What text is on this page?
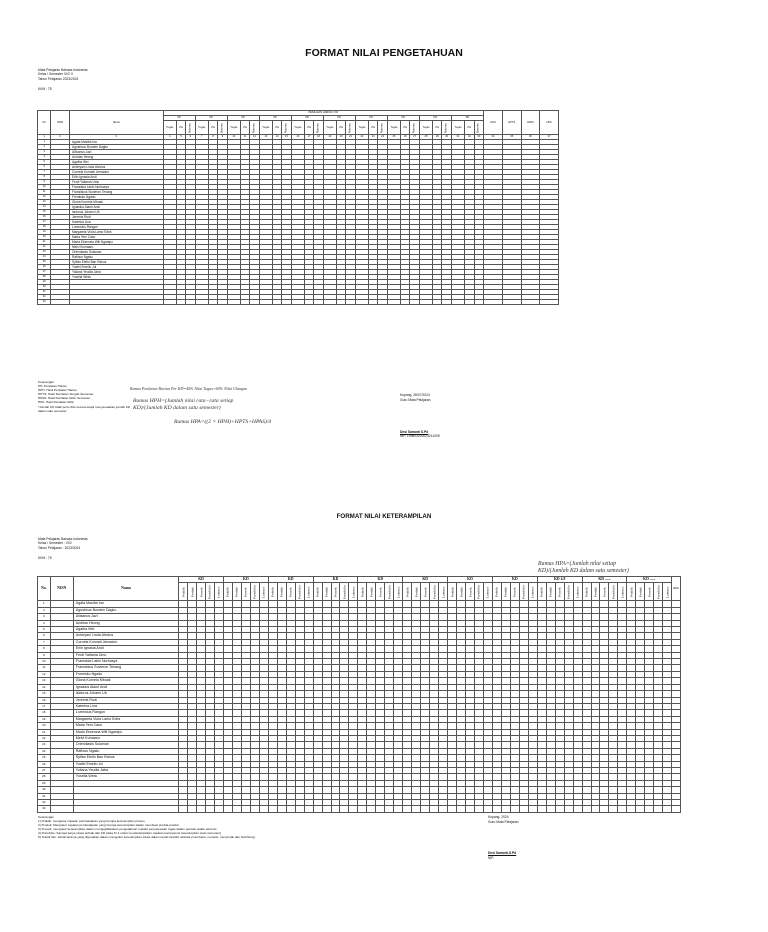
FORMAT NILAI PENGETAHUAN
Mata Pelajaran Bahasa Indonesia
Kelas / Semester VI/2 II
Tahun Pelajaran 2023/2024
KKM : 75
No	NISN	Nama	PENILAIAN HARIAN / KD																														HPH	HPTS	HPAS	HPA
			KD			KD			KD			KD			KD			KD			KD			KD			KD			KD						
			Tugas	PH	Rata-rata	Tugas	PH	Rata-rata	Tugas	PH	Rata-rata	Tugas	PH	Rata-rata	Tugas	PH	Rata-rata	Tugas	PH	Rata-rata	Tugas	PH	Rata-rata	Tugas	PH	Rata-rata	Tugas	PH	Rata-rata	Tugas	PH	Rata-rata				
1	2	3	4	5	6	7	8	9	10	11	12	13	14	15	16	17	18	19	20	21	22	23	24	25	26	27	28	29	30	31	32	33	34	35	36	37
1		Agata Maslita Ina																																		
2		Agustinus Bonden Dagko																																		
3		Aliisanus Jazi																																		
4		Andrias Heong																																		
5		Agatha Wei																																		
6		Anteryani Linda Alexius																																		
7		Cornela Kurniati Jemadun																																		
8		Erlin Ignasia Andi																																		
9		Ferdi Yaltama Umu																																		
10		Fransiska Lakin Nurhasya																																		
11		Fransiskus Suvieron Tenang																																		
12		Fremisko Ngadu																																		
13		Gloria Kurnela Mbuak																																		
14		Ignasius Alauri Andi																																		
15		Isidurus Johann Ub																																		
16		Jeremis Rudi																																		
17		Katerina Lina																																		
18		Lorensius Rangun																																		
19		Margareta Viola Lamo Edes																																		
20		Maria Yeni Caso																																		
21		Maria Eksenzia Witi Ngantpu																																		
22		Melvi Kumaaru																																		
23		Orlendiasis Sulaman																																		
24		Raflous Ngaku																																		
25		Sylfan Etello Ban Rahus																																		
26		Yosfel Emello Jul																																		
27		Yoliana Yeudia Jaba																																		
28		Yuselia Weta																																		
29																																				
30																																				
31																																				
32																																				
33																																				
Keterangan
PH: Penilaian Harian
HPH: Hasil Penilaian Harian
HPTS: Hasil Penilaian Tengah Semester
HPAS: Hasil Penilaian Akhir Semester
HPA: Hasil Penilaian Akhir
*Jumlah KD tidak perlu diisi semua tetapi menyesuaikan jumlah KD
dalam satu semester
Rumus Penilaian Harian Per KD=40% Nilai Tugas+60% Nilai Ulangan
Rumus HPH=(Jumlah nilai rata−rata setiap
KD)/(Jumlah KD dalam satu semester)
Rumus HPA=((2 × HPH)+HPTS+HPAS)/4
Kupang, 28/07/2024
Guru Mata Pelajaran
Desi Sarianti S.Pd
NIP. 199603202023211009
FORMAT NILAI KETERAMPILAN
Mata Pelajaran Bahasa Indonesia
Kelas / Semester : VI/2
Tahun Pelajaran : 2023/2024
KKM : 75
Rumus HPA=(Jumlah nilai setiap
KD)/(Jumlah KD dalam satu semester)
No.	NISN	Nama	KD					KD					KD					KD					KD					KD					KD					KD					KD 4.8					KD ......					KD ......					HPA
			Praktik	Produk	Proyek	Portofolio	Lainnya	Praktik	Produk	Proyek	Portofolio	Lainnya	Praktik	Produk	Proyek	Portofolio	Lainnya	Praktik	Produk	Proyek	Portofolio	Lainnya	Praktik	Produk	Proyek	Portofolio	Lainnya	Praktik	Produk	Proyek	Portofolio	Lainnya	Praktik	Produk	Proyek	Portofolio	Lainnya	Praktik	Produk	Proyek	Portofolio	Lainnya	Praktik	Produk	Proyek	Portofolio	Lainnya	Praktik	Produk	Proyek	Portofolio	Lainnya	Praktik	Produk	Proyek	Portofolio	Lainnya	
1		Agata Maslita Ina																																																								
2		Agustinus Bonden Dagko																																																								
3		Aliisanus Jazi																																																								
4		Andrias Heong																																																								
5		Agatha Wei																																																								
6		Anteryani Linda Alexius																																																								
7		Cornela Kurniati Jemadun																																																								
8		Erlin Ignasia Andi																																																								
9		Ferdi Yaltama Umu																																																								
10		Fransiska Lakin Nurhasya																																																								
11		Fransiskus Suvieron Tenang																																																								
12		Fremisko Ngadu																																																								
13		Gloria Kurnela Mbuak																																																								
14		Ignasius Alauri Andi																																																								
15		Isidurus Johann Ub																																																								
16		Jeremis Rudi																																																								
17		Katerina Lina																																																								
18		Lorensius Rangun																																																								
19		Margareta Viola Lamo Edes																																																								
20		Maria Yeni Caso																																																								
21		Maria Eksenzia Witi Ngantpu																																																								
22		Melvi Kumaaru																																																								
23		Orlendiasis Sulaman																																																								
24		Raflous Ngaku																																																								
25		Sylfan Etello Ban Rahus																																																								
26		Yosfel Emello Jul																																																								
27		Yoliana Yeudia Jaba																																																								
28		Yuselia Weta																																																								
29																																																										
30																																																										
31																																																										
32																																																										
33																																																										
Keterangan
1) Praktik: mengukur capaian pembelajaran yang berupa keterampilan proses.
2) Produk: Mengukur capaian pembelajaran yang berupa keterampilan dalam membuat produk-produk.
3) Proyek: mengukur keterampilan dalam mengaplikasikan pengetahuan melalui penyelesaian tugas dalam periode waktu tertentu.
4) Portofolio: Sampel karya siswa terbaik dari KD pada KI 4 untuk mendeskripsikan capaian kompetensi keterampilan (satu semester)
5) Teknik lain: teknik lainnya yang digunakan dalam mengukur keterampilan siswa dalam ranah berpikir abstrak (membaca, menulis, menyimak dan berhitung).
Kupang, 2024
Guru Mata Pelajaran
Desi Sarianti,S.Pd
NIP.
